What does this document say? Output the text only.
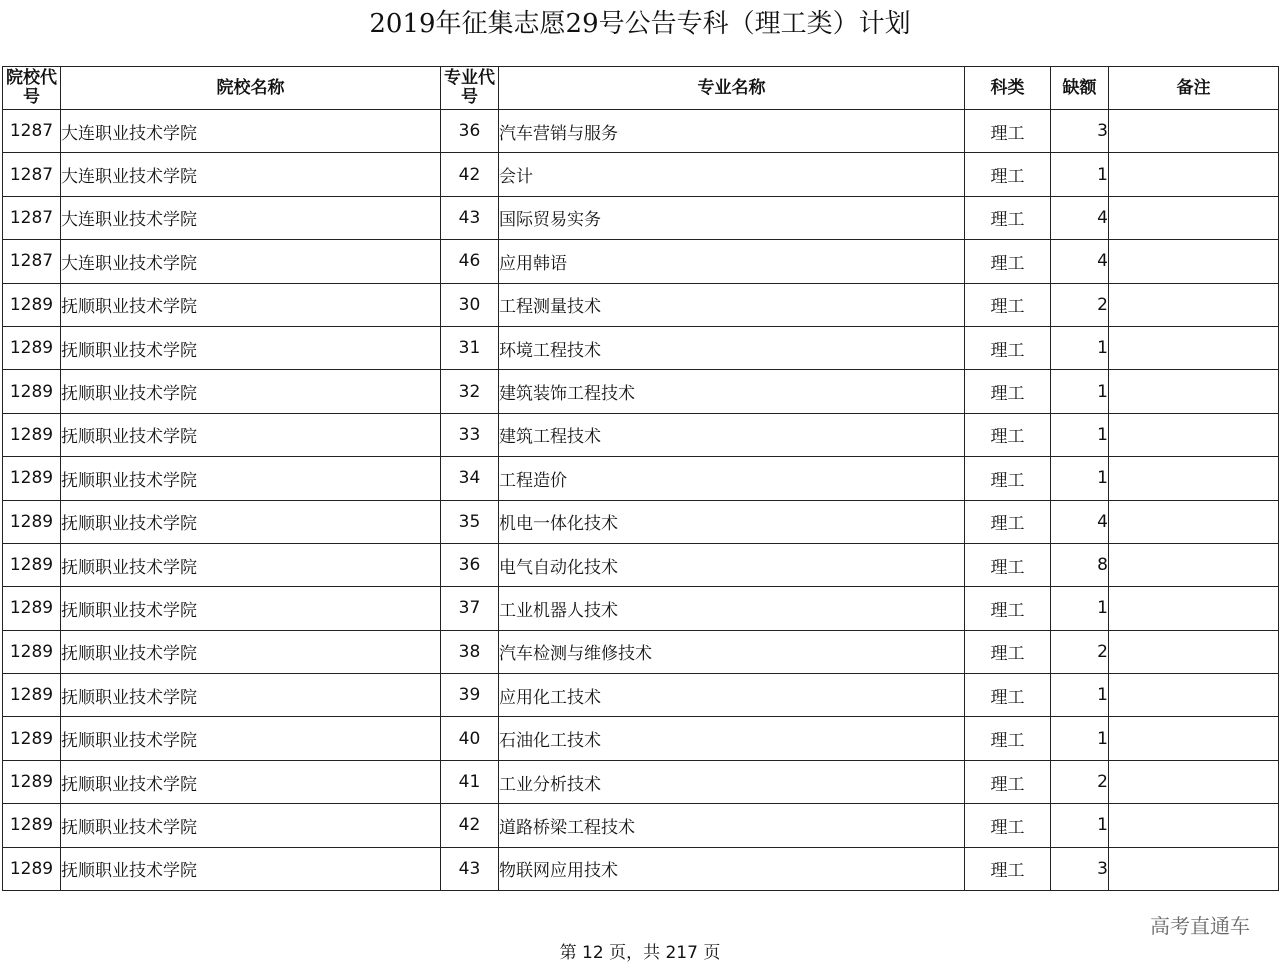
2019年征集志愿29号公告专科（理工类）计划
院校代号	院校名称	专业代号	专业名称	科类	缺额	备注
1287	大连职业技术学院	36	汽车营销与服务	理工	3	
1287	大连职业技术学院	42	会计	理工	1	
1287	大连职业技术学院	43	国际贸易实务	理工	4	
1287	大连职业技术学院	46	应用韩语	理工	4	
1289	抚顺职业技术学院	30	工程测量技术	理工	2	
1289	抚顺职业技术学院	31	环境工程技术	理工	1	
1289	抚顺职业技术学院	32	建筑装饰工程技术	理工	1	
1289	抚顺职业技术学院	33	建筑工程技术	理工	1	
1289	抚顺职业技术学院	34	工程造价	理工	1	
1289	抚顺职业技术学院	35	机电一体化技术	理工	4	
1289	抚顺职业技术学院	36	电气自动化技术	理工	8	
1289	抚顺职业技术学院	37	工业机器人技术	理工	1	
1289	抚顺职业技术学院	38	汽车检测与维修技术	理工	2	
1289	抚顺职业技术学院	39	应用化工技术	理工	1	
1289	抚顺职业技术学院	40	石油化工技术	理工	1	
1289	抚顺职业技术学院	41	工业分析技术	理工	2	
1289	抚顺职业技术学院	42	道路桥梁工程技术	理工	1	
1289	抚顺职业技术学院	43	物联网应用技术	理工	3	
高考直通车
第 12 页，共 217 页
